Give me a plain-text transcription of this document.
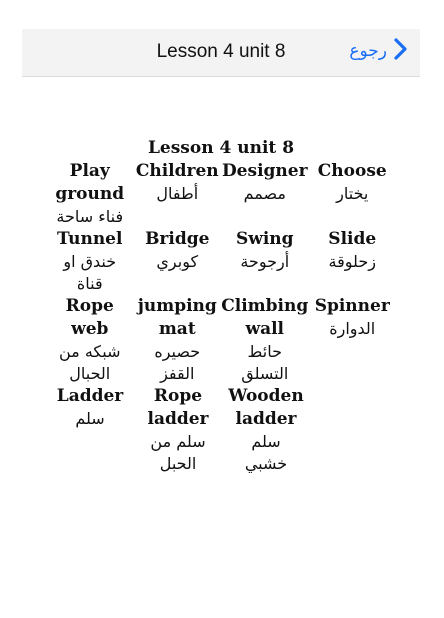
Lesson 4 unit 8	رجوع
Lesson 4 unit 8
Play
ground
فناء ساحة
Children
أطفال
Designer
مصمم
Choose
يختار
Tunnel
خندق او
قناة
Bridge
كوبري
Swing
أرجوحة
Slide
زحلوقة
Rope web
شبكه من
الحبال
jumping
mat
حصيره
القفز
Climbing
wall
حائط
التسلق
Spinner
الدوارة
Ladder
سلم
Rope
ladder
سلم من
الحبل
Wooden
ladder
سلم
خشبي
